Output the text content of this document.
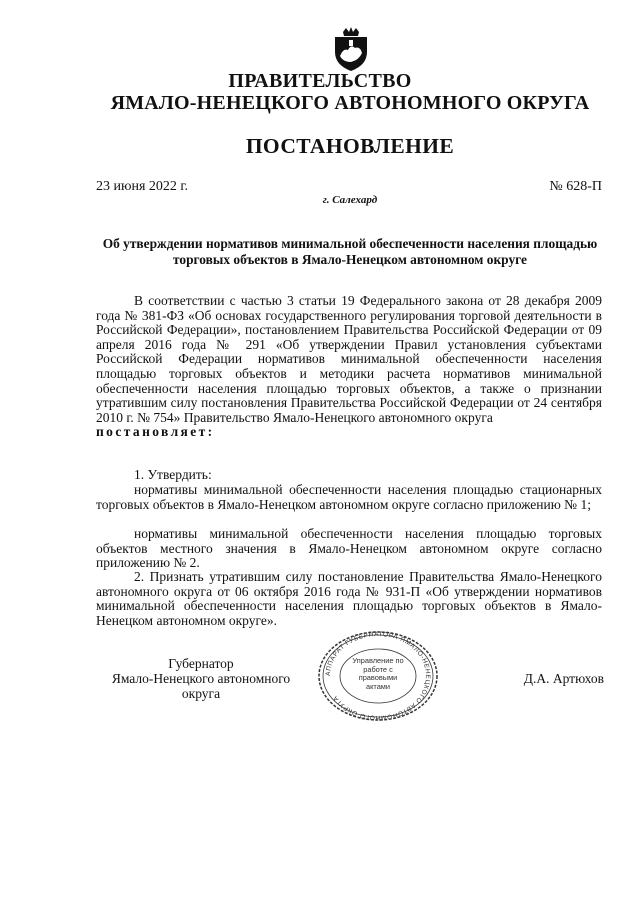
ПРАВИТЕЛЬСТВО
ЯМАЛО-НЕНЕЦКОГО АВТОНОМНОГО ОКРУГА
ПОСТАНОВЛЕНИЕ
23 июня 2022 г.	№ 628-П
г. Салехард
Об утверждении нормативов минимальной обеспеченности населения площадью торговых объектов в Ямало-Ненецком автономном округе
В соответствии с частью 3 статьи 19 Федерального закона от 28 декабря 2009 года № 381-ФЗ «Об основах государственного регулирования торговой деятельности в Российской Федерации», постановлением Правительства Российской Федерации от 09 апреля 2016 года № 291 «Об утверждении Правил установления субъектами Российской Федерации нормативов минимальной обеспеченности населения площадью торговых объектов и методики расчета нормативов минимальной обеспеченности населения площадью торговых объектов, а также о признании утратившим силу постановления Правительства Российской Федерации от 24 сентября 2010 г. № 754» Правительство Ямало-Ненецкого автономного округа
постановляет:
1. Утвердить:
нормативы минимальной обеспеченности населения площадью стационарных торговых объектов в Ямало-Ненецком автономном округе согласно приложению № 1;
нормативы минимальной обеспеченности населения площадью торговых объектов местного значения в Ямало-Ненецком автономном округе согласно приложению № 2.
2. Признать утратившим силу постановление Правительства Ямало-Ненецкого автономного округа от 06 октября 2016 года № 931-П «Об утверждении нормативов минимальной обеспеченности населения площадью торговых объектов в Ямало-Ненецком автономном округе».
Губернатор
Ямало-Ненецкого автономного округа
Д.А. Артюхов
АППАРАТ ГУБЕРНАТОРА ЯМАЛО-НЕНЕЦКОГО АВТОНОМНОГО ОКРУГА
Управление по работе с правовыми актами
